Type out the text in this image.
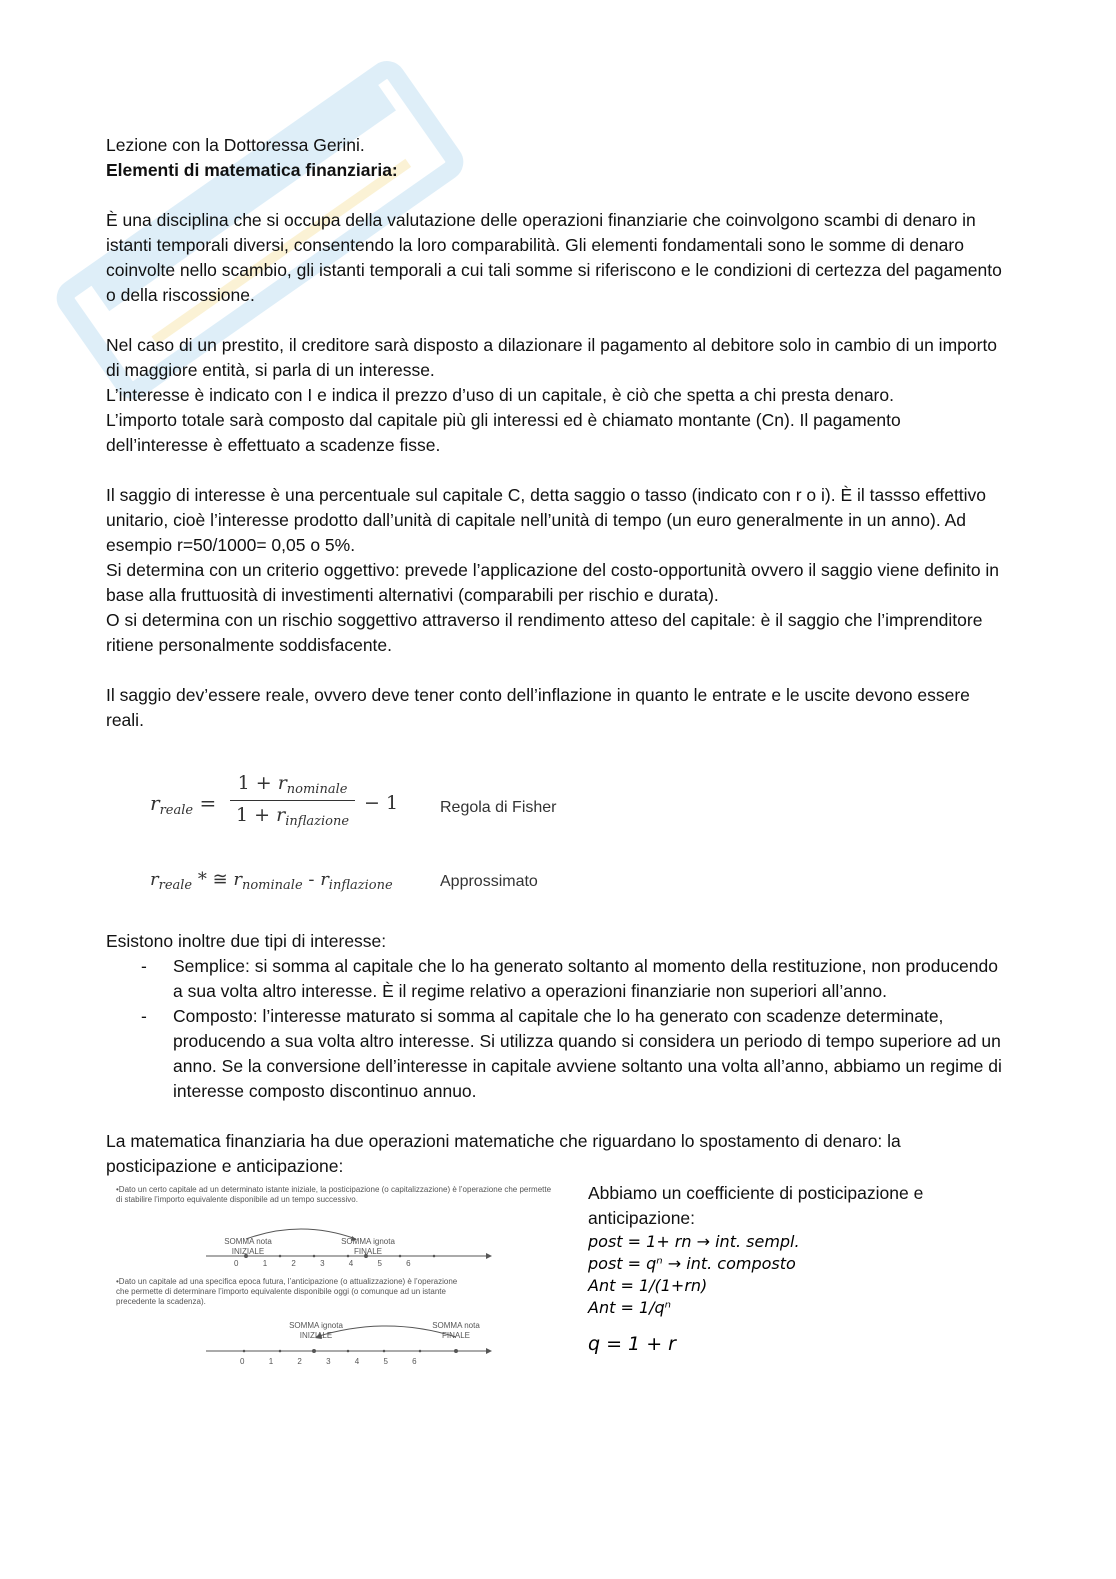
Lezione con la Dottoressa Gerini.

Elementi di matematica finanziaria:

È una disciplina che si occupa della valutazione delle operazioni finanziarie che coinvolgono scambi di denaro in istanti temporali diversi, consentendo la loro comparabilità. Gli elementi fondamentali sono le somme di denaro coinvolte nello scambio, gli istanti temporali a cui tali somme si riferiscono e le condizioni di certezza del pagamento o della riscossione.

Nel caso di un prestito, il creditore sarà disposto a dilazionare il pagamento al debitore solo in cambio di un importo di maggiore entità, si parla di un interesse.

L’interesse è indicato con I e indica il prezzo d’uso di un capitale, è ciò che spetta a chi presta denaro.

L’importo totale sarà composto dal capitale più gli interessi ed è chiamato montante (Cn). Il pagamento dell’interesse è effettuato a scadenze fisse.

Il saggio di interesse è una percentuale sul capitale C, detta saggio o tasso (indicato con r o i). È il tassso effettivo unitario, cioè l’interesse prodotto dall’unità di capitale nell’unità di tempo (un euro generalmente in un anno). Ad esempio r=50/1000= 0,05 o 5%.

Si determina con un criterio oggettivo: prevede l’applicazione del costo-opportunità ovvero il saggio viene definito in base alla fruttuosità di investimenti alternativi (comparabili per rischio e durata).

O si determina con un rischio soggettivo attraverso il rendimento atteso del capitale: è il saggio che l’imprenditore ritiene personalmente soddisfacente.

Il saggio dev’essere reale, ovvero deve tener conto dell’inflazione in quanto le entrate e le uscite devono essere reali.

$r_{reale}$ =
$1 + r_{nominale}$
$1 + r_{inflazione}$
− 1	Regola di Fisher
$r_{reale}$ * ≅ $r_{nominale} - r_{inflazione}$	Approssimato

Esistono inoltre due tipi di interesse:

- Semplice: si somma al capitale che lo ha generato soltanto al momento della restituzione, non producendo a sua volta altro interesse. È il regime relativo a operazioni finanziarie non superiori all’anno.
- Composto: l’interesse maturato si somma al capitale che lo ha generato con scadenze determinate, producendo a sua volta altro interesse. Si utilizza quando si considera un periodo di tempo superiore ad un anno. Se la conversione dell’interesse in capitale avviene soltanto una volta all’anno, abbiamo un regime di interesse composto discontinuo annuo.

La matematica finanziaria ha due operazioni matematiche che riguardano lo spostamento di denaro: la posticipazione e anticipazione:

•Dato un certo capitale ad un determinato istante iniziale, la posticipazione (o capitalizzazione) è l’operazione che permette di stabilire l’importo equivalente disponibile ad un tempo successivo.
SOMMA nota
INIZIALE
SOMMA ignota
FINALE
0	1	2	3	4	5	6
•Dato un capitale ad una specifica epoca futura, l’anticipazione (o attualizzazione) è l’operazione
che permette di determinare l’importo equivalente disponibile oggi (o comunque ad un istante
precedente la scadenza).
SOMMA ignota
INIZIALE
SOMMA nota
FINALE
0	1	2	3	4	5	6

Abbiamo un coefficiente di posticipazione e anticipazione:

post = 1+ rn → int. sempl.
post = qⁿ → int. composto
Ant = 1/(1+rn)
Ant = 1/qⁿ
q = 1 + r
